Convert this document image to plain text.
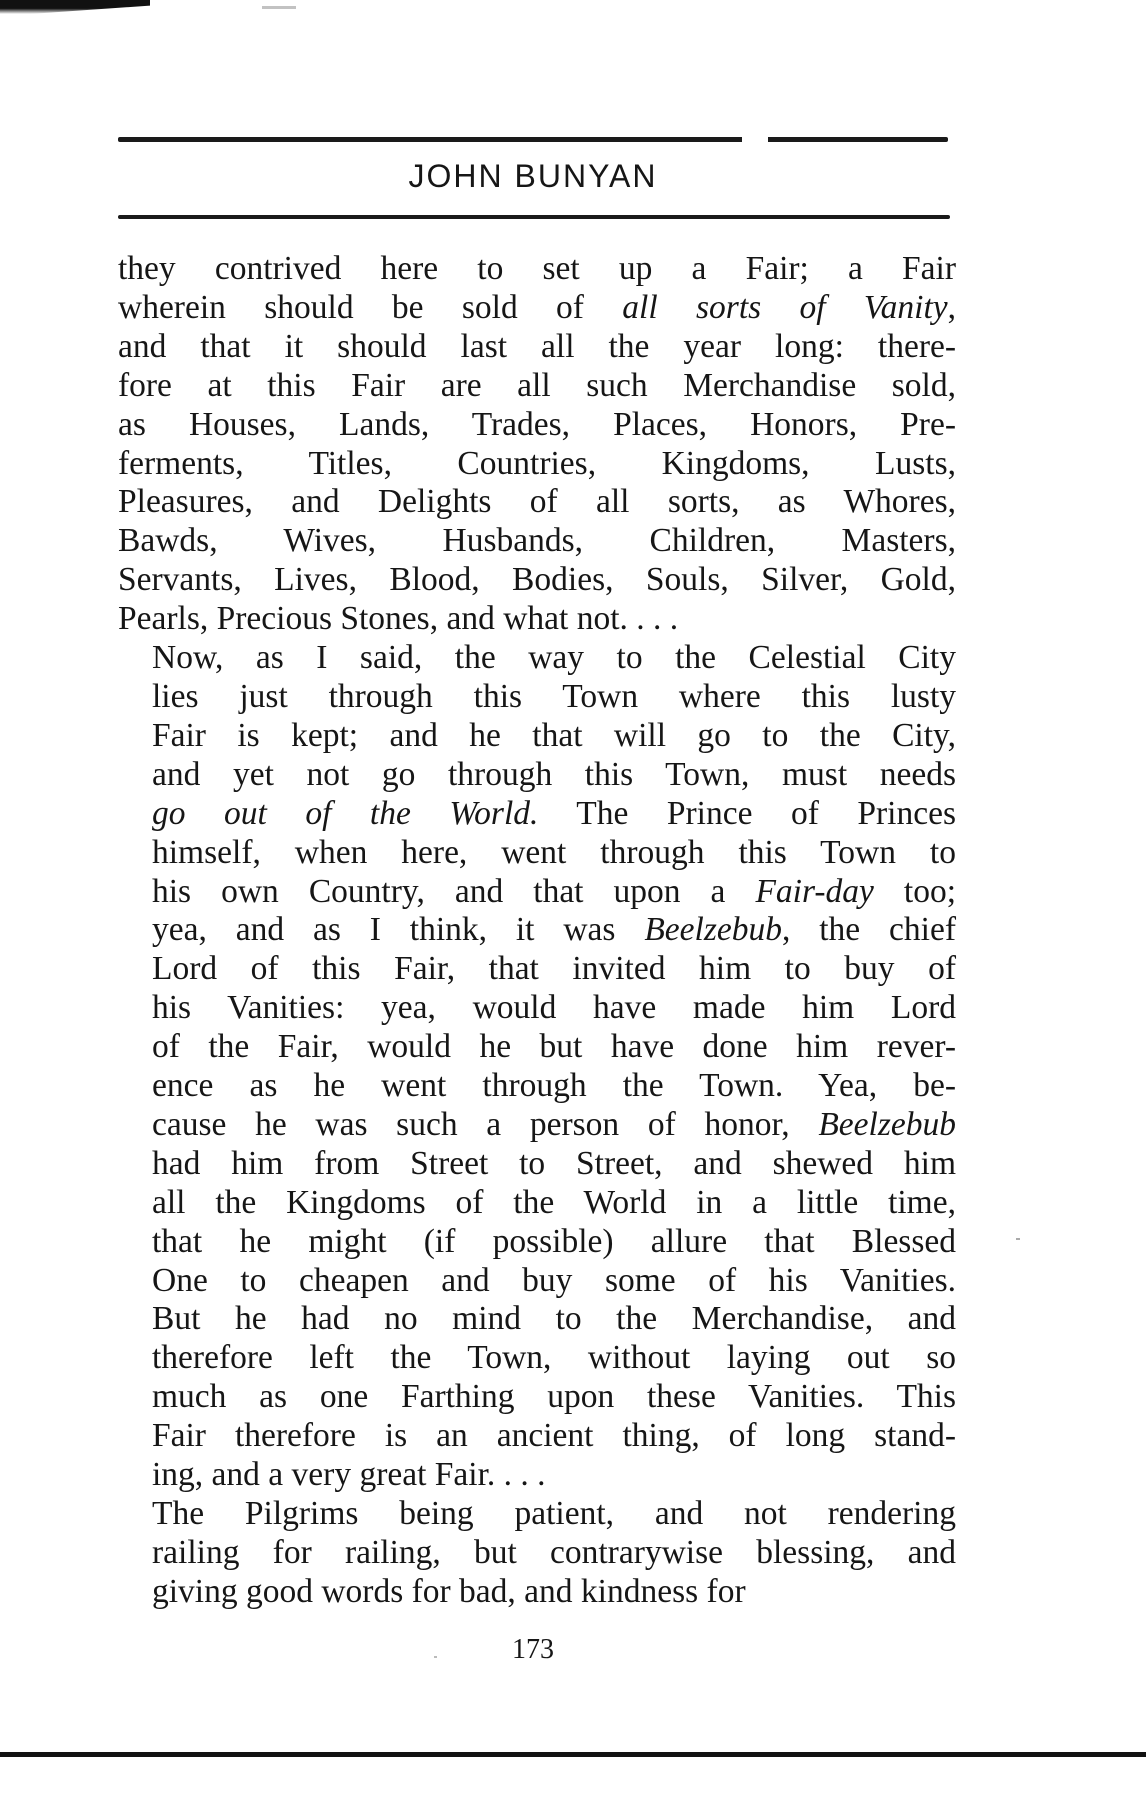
JOHN BUNYAN

they contrived here to set up a Fair; a Fair
wherein should be sold of all sorts of Vanity,
and that it should last all the year long: there-
fore at this Fair are all such Merchandise sold,
as Houses, Lands, Trades, Places, Honors, Pre-
ferments, Titles, Countries, Kingdoms, Lusts,
Pleasures, and Delights of all sorts, as Whores,
Bawds, Wives, Husbands, Children, Masters,
Servants, Lives, Blood, Bodies, Souls, Silver, Gold,
Pearls, Precious Stones, and what not. . . .

Now, as I said, the way to the Celestial City
lies just through this Town where this lusty
Fair is kept; and he that will go to the City,
and yet not go through this Town, must needs
go out of the World. The Prince of Princes
himself, when here, went through this Town to
his own Country, and that upon a Fair-day too;
yea, and as I think, it was Beelzebub, the chief
Lord of this Fair, that invited him to buy of
his Vanities: yea, would have made him Lord
of the Fair, would he but have done him rever-
ence as he went through the Town. Yea, be-
cause he was such a person of honor, Beelzebub
had him from Street to Street, and shewed him
all the Kingdoms of the World in a little time,
that he might (if possible) allure that Blessed
One to cheapen and buy some of his Vanities.
But he had no mind to the Merchandise, and
therefore left the Town, without laying out so
much as one Farthing upon these Vanities. This
Fair therefore is an ancient thing, of long stand-
ing, and a very great Fair. . . .

The Pilgrims being patient, and not rendering
railing for railing, but contrarywise blessing, and
giving good words for bad, and kindness for

173
